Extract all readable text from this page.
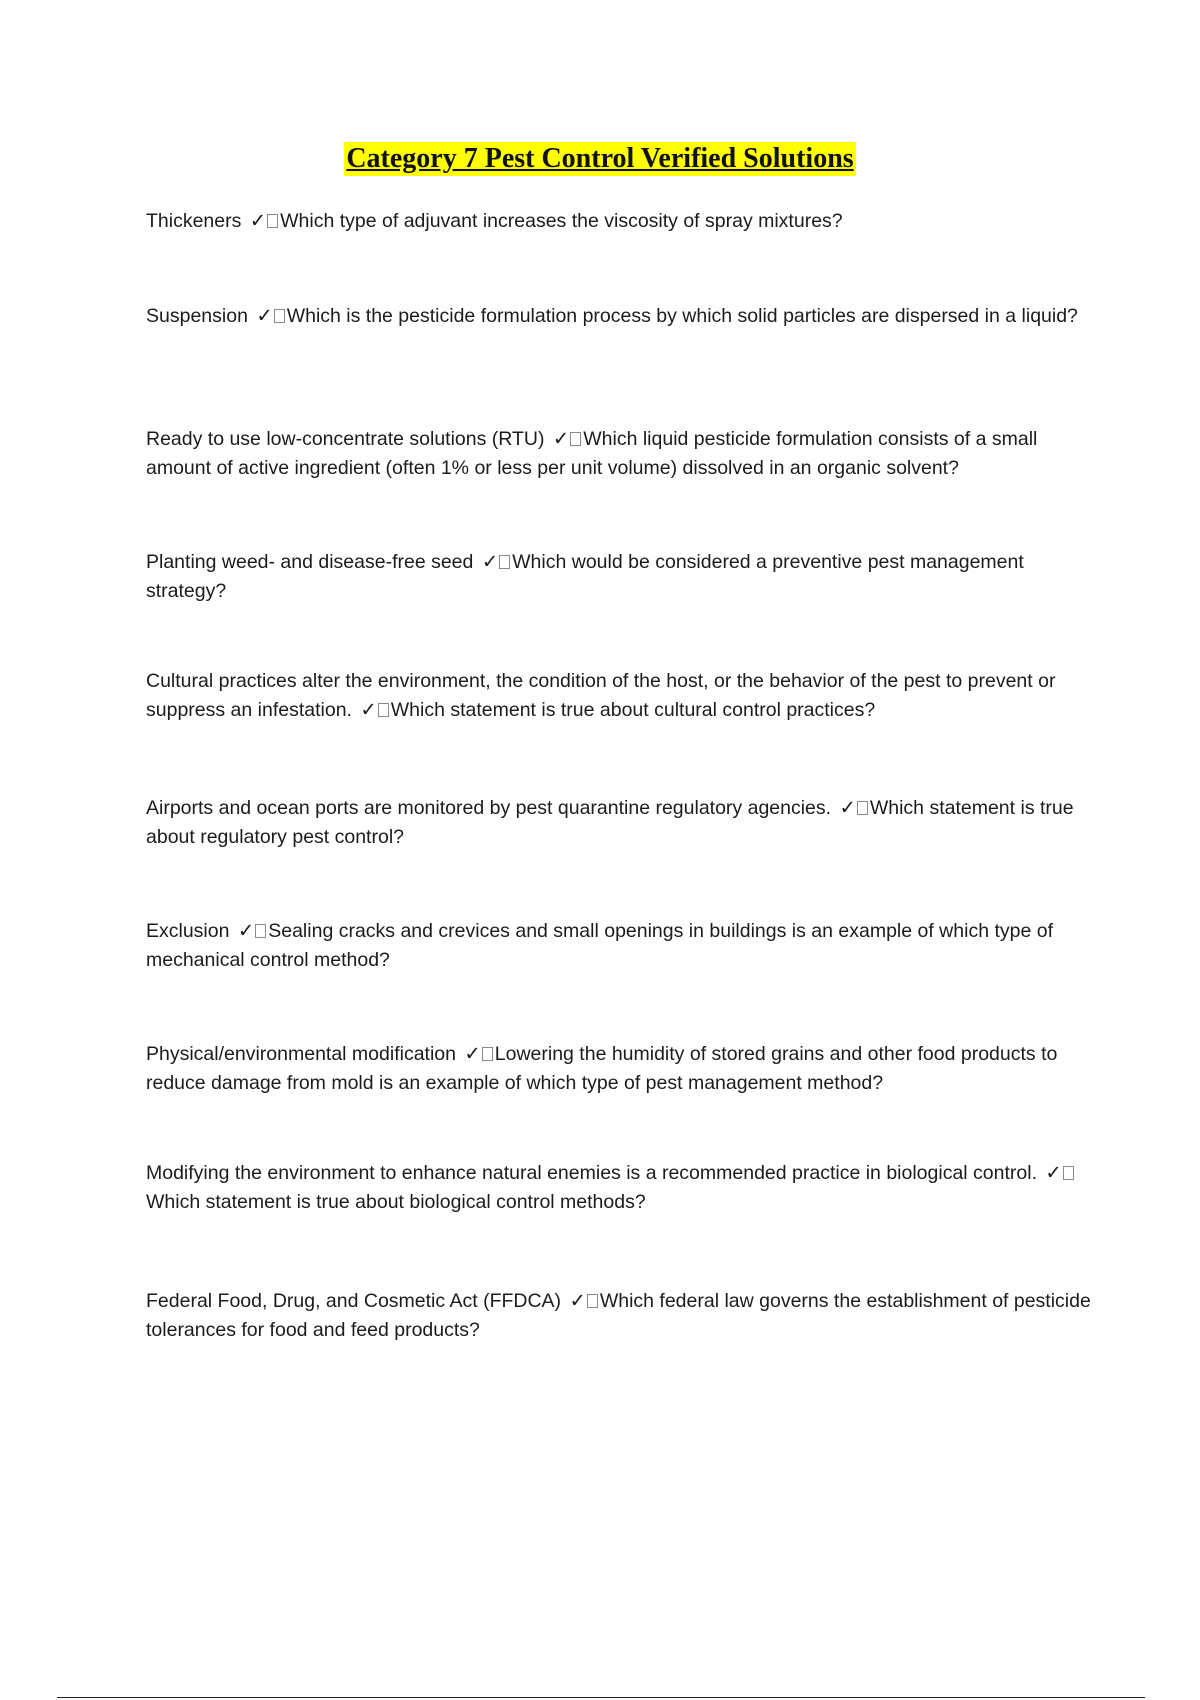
Category 7 Pest Control Verified Solutions
Thickeners ✓ Which type of adjuvant increases the viscosity of spray mixtures?
Suspension ✓ Which is the pesticide formulation process by which solid particles are dispersed in a liquid?
Ready to use low-concentrate solutions (RTU) ✓ Which liquid pesticide formulation consists of a small amount of active ingredient (often 1% or less per unit volume) dissolved in an organic solvent?
Planting weed- and disease-free seed ✓ Which would be considered a preventive pest management strategy?
Cultural practices alter the environment, the condition of the host, or the behavior of the pest to prevent or suppress an infestation. ✓ Which statement is true about cultural control practices?
Airports and ocean ports are monitored by pest quarantine regulatory agencies. ✓ Which statement is true about regulatory pest control?
Exclusion ✓ Sealing cracks and crevices and small openings in buildings is an example of which type of mechanical control method?
Physical/environmental modification ✓ Lowering the humidity of stored grains and other food products to reduce damage from mold is an example of which type of pest management method?
Modifying the environment to enhance natural enemies is a recommended practice in biological control. ✓Which statement is true about biological control methods?
Federal Food, Drug, and Cosmetic Act (FFDCA) ✓ Which federal law governs the establishment of pesticide tolerances for food and feed products?
